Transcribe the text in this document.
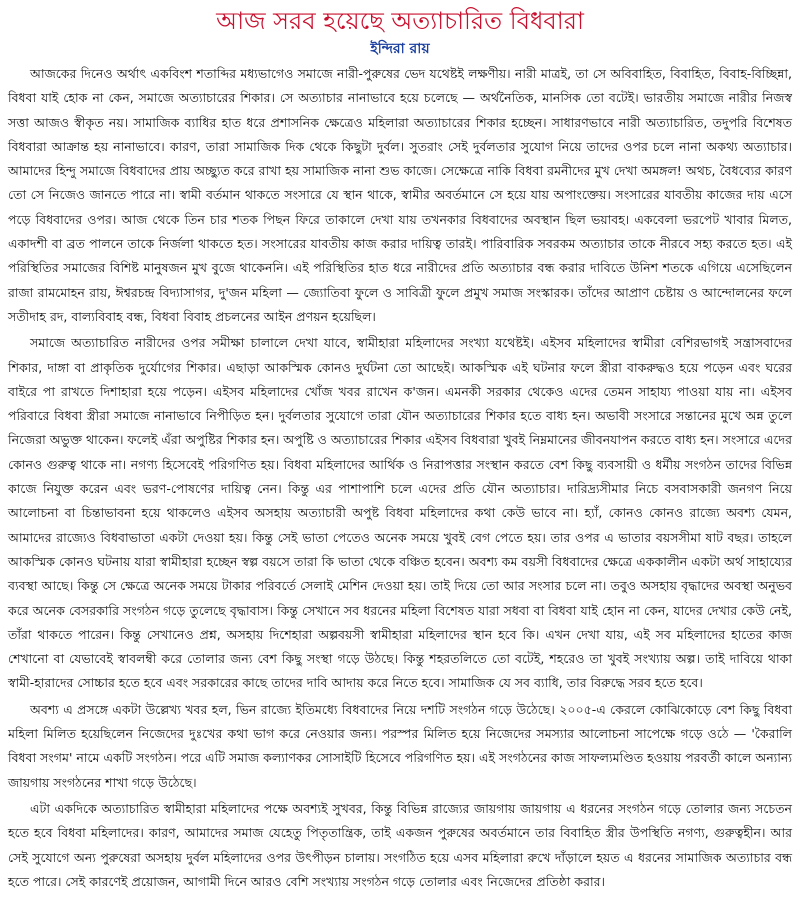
আজ সরব হয়েছে অত্যাচারিত বিধবারা
ইন্দিরা রায়

আজকের দিনেও অর্থাৎ একবিংশ শতাব্দির মধ্যভাগেও সমাজে নারী-পুরুষের ভেদ যথেষ্টই লক্ষণীয়। নারী মাত্রই, তা সে অবিবাহিত, বিবাহিত, বিবাহ-বিচ্ছিন্না, বিধবা যাই হোক না কেন, সমাজে অত্যাচারের শিকার। সে অত্যাচার নানাভাবে হয়ে চলেছে — অর্থনৈতিক, মানসিক তো বটেই। ভারতীয় সমাজে নারীর নিজস্ব সত্তা আজও স্বীকৃত নয়। সামাজিক ব্যাধির হাত ধরে প্রশাসনিক ক্ষেত্রেও মহিলারা অত্যাচারের শিকার হচ্ছেন। সাধারণভাবে নারী অত্যাচারিত, তদুপরি বিশেষত বিধবারা আক্রান্ত হয় নানাভাবে। কারণ, তারা সামাজিক দিক থেকে কিছুটা দুর্বল। সুতরাং সেই দুর্বলতার সুযোগ নিয়ে তাদের ওপর চলে নানা অকথ্য অত্যাচার। আমাদের হিন্দু সমাজে বিধবাদের প্রায় অচ্ছ্যুত করে রাখা হয় সামাজিক নানা শুভ কাজে। সেক্ষেত্রে নাকি বিধবা রমনীদের মুখ দেখা অমঙ্গল! অথচ, বৈধব্যের কারণ তো সে নিজেও জানতে পারে না। স্বামী বর্তমান থাকতে সংসারে যে স্থান থাকে, স্বামীর অবর্তমানে সে হয়ে যায় অপাংক্তেয়। সংসারের যাবতীয় কাজের দায় এসে পড়ে বিধবাদের ওপর। আজ থেকে তিন চার শতক পিছন ফিরে তাকালে দেখা যায় তখনকার বিধবাদের অবস্থান ছিল ভয়াবহ। একবেলা ভরপেট খাবার মিলত, একাদশী বা ব্রত পালনে তাকে নির্জলা থাকতে হত। সংসারের যাবতীয় কাজ করার দায়িত্ব তারই। পারিবারিক সবরকম অত্যাচার তাকে নীরবে সহ্য করতে হত। এই পরিস্থিতির সমাজের বিশিষ্ট মানুষজন মুখ বুজে থাকেননি। এই পরিস্থিতির হাত ধরে নারীদের প্রতি অত্যাচার বন্ধ করার দাবিতে উনিশ শতকে এগিয়ে এসেছিলেন রাজা রামমোহন রায়, ঈশ্বরচন্দ্র বিদ্যাসাগর, দু'জন মহিলা — জ্যোতিবা ফুলে ও সাবিত্রী ফুলে প্রমুখ সমাজ সংস্কারক। তাঁদের আপ্রাণ চেষ্টায় ও আন্দোলনের ফলে সতীদাহ রদ, বাল্যবিবাহ বন্ধ, বিধবা বিবাহ প্রচলনের আইন প্রণয়ন হয়েছিল।

সমাজে অত্যাচারিত নারীদের ওপর সমীক্ষা চালালে দেখা যাবে, স্বামীহারা মহিলাদের সংখ্যা যথেষ্টই। এইসব মহিলাদের স্বামীরা বেশিরভাগই সন্ত্রাসবাদের শিকার, দাঙ্গা বা প্রাকৃতিক দুর্যোগের শিকার। এছাড়া আকস্মিক কোনও দুর্ঘটনা তো আছেই। আকস্মিক এই ঘটনার ফলে স্ত্রীরা বাকরুদ্ধও হয়ে পড়েন এবং ঘরের বাইরে পা রাখতে দিশাহারা হয়ে পড়েন। এইসব মহিলাদের খোঁজ খবর রাখেন ক'জন। এমনকী সরকার থেকেও এদের তেমন সাহায্য পাওয়া যায় না। এইসব পরিবারে বিধবা স্ত্রীরা সমাজে নানাভাবে নিপীড়িত হন। দুর্বলতার সুযোগে তারা যৌন অত্যাচারের শিকার হতে বাধ্য হন। অভাবী সংসারে সন্তানের মুখে অন্ন তুলে নিজেরা অভুক্ত থাকেন। ফলেই এঁরা অপুষ্টির শিকার হন। অপুষ্টি ও অত্যাচারের শিকার এইসব বিধবারা খুবই নিম্নমানের জীবনযাপন করতে বাধ্য হন। সংসারে এদের কোনও গুরুত্ব থাকে না। নগণ্য হিসেবেই পরিগণিত হয়। বিধবা মহিলাদের আর্থিক ও নিরাপত্তার সংস্থান করতে বেশ কিছু ব্যবসায়ী ও ধর্মীয় সংগঠন তাদের বিভিন্ন কাজে নিযুক্ত করেন এবং ভরণ-পোষণের দায়িত্ব নেন। কিন্তু এর পাশাপাশি চলে এদের প্রতি যৌন অত্যাচার। দারিদ্র্যসীমার নিচে বসবাসকারী জনগণ নিয়ে আলোচনা বা চিন্তাভাবনা হয়ে থাকলেও এইসব অসহায় অত্যাচারী অপুষ্ট বিধবা মহিলাদের কথা কেউ ভাবে না। হ্যাঁ, কোনও কোনও রাজ্যে অবশ্য যেমন, আমাদের রাজ্যেও বিধবাভাতা একটা দেওয়া হয়। কিন্তু সেই ভাতা পেতেও অনেক সময়ে খুবই বেগ পেতে হয়। তার ওপর এ ভাতার বয়সসীমা ষাট বছর। তাহলে আকস্মিক কোনও ঘটনায় যারা স্বামীহারা হচ্ছেন স্বল্প বয়সে তারা কি ভাতা থেকে বঞ্চিত হবেন। অবশ্য কম বয়সী বিধবাদের ক্ষেত্রে এককালীন একটা অর্থ সাহায্যের ব্যবস্থা আছে। কিন্তু সে ক্ষেত্রে অনেক সময়ে টাকার পরিবর্তে সেলাই মেশিন দেওয়া হয়। তাই দিয়ে তো আর সংসার চলে না। তবুও অসহায় বৃদ্ধাদের অবস্থা অনুভব করে অনেক বেসরকারি সংগঠন গড়ে তুলেছে বৃদ্ধাবাস। কিন্তু সেখানে সব ধরনের মহিলা বিশেষত যারা সধবা বা বিধবা যাই হোন না কেন, যাদের দেখার কেউ নেই, তাঁরা থাকতে পারেন। কিন্তু সেখানেও প্রশ্ন, অসহায় দিশেহারা অল্পবয়সী স্বামীহারা মহিলাদের স্থান হবে কি। এখন দেখা যায়, এই সব মহিলাদের হাতের কাজ শেখানো বা যেভাবেই স্বাবলম্বী করে তোলার জন্য বেশ কিছু সংস্থা গড়ে উঠছে। কিন্তু শহরতলিতে তো বটেই, শহরেও তা খুবই সংখ্যায় অল্প। তাই দাবিয়ে থাকা স্বামী-হারাদের সোচ্চার হতে হবে এবং সরকারের কাছে তাদের দাবি আদায় করে নিতে হবে। সামাজিক যে সব ব্যাধি, তার বিরুদ্ধে সরব হতে হবে।

অবশ্য এ প্রসঙ্গে একটা উল্লেখ্য খবর হল, ভিন রাজ্যে ইতিমধ্যে বিধবাদের নিয়ে দশটি সংগঠন গড়ে উঠেছে। ২০০৫-এ কেরলে কোঝিকোড়ে বেশ কিছু বিধবা মহিলা মিলিত হয়েছিলেন নিজেদের দুঃখের কথা ভাগ করে নেওয়ার জন্য। পরস্পর মিলিত হয়ে নিজেদের সমস্যার আলোচনা সাপেক্ষে গড়ে ওঠে — 'কৈরালি বিধবা সংগম' নামে একটি সংগঠন। পরে এটি সমাজ কল্যাণকর সোসাইটি হিসেবে পরিগণিত হয়। এই সংগঠনের কাজ সাফল্যমণ্ডিত হওয়ায় পরবর্তী কালে অন্যান্য জায়গায় সংগঠনের শাখা গড়ে উঠেছে।

এটা একদিকে অত্যাচারিত স্বামীহারা মহিলাদের পক্ষে অবশ্যই সুখবর, কিন্তু বিভিন্ন রাজ্যের জায়গায় জায়গায় এ ধরনের সংগঠন গড়ে তোলার জন্য সচেতন হতে হবে বিধবা মহিলাদের। কারণ, আমাদের সমাজ যেহেতু পিতৃতান্ত্রিক, তাই একজন পুরুষের অবর্তমানে তার বিবাহিত স্ত্রীর উপস্থিতি নগণ্য, গুরুত্বহীন। আর সেই সুযোগে অন্য পুরুষেরা অসহায় দুর্বল মহিলাদের ওপর উৎপীড়ন চালায়। সংগঠিত হয়ে এসব মহিলারা রুখে দাঁড়ালে হয়ত এ ধরনের সামাজিক অত্যাচার বন্ধ হতে পারে। সেই কারণেই প্রয়োজন, আগামী দিনে আরও বেশি সংখ্যায় সংগঠন গড়ে তোলার এবং নিজেদের প্রতিষ্ঠা করার।
